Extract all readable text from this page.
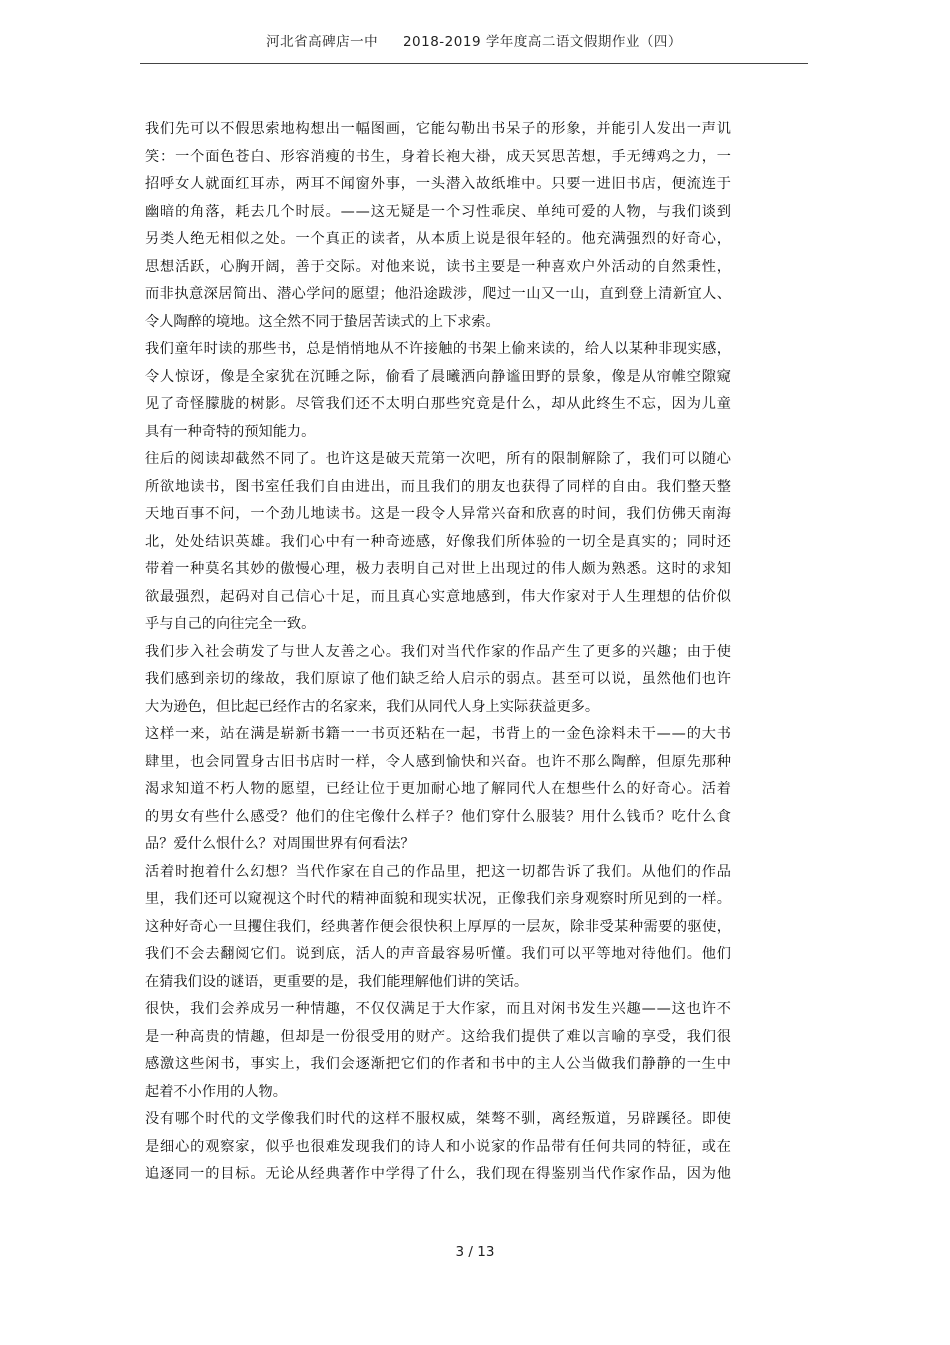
河北省高碑店一中 2018-2019 学年度高二语文假期作业（四）
我们先可以不假思索地构想出一幅图画，它能勾勒出书呆子的形象，并能引人发出一声讥
笑：一个面色苍白、形容消瘦的书生，身着长袍大褂，成天冥思苦想，手无缚鸡之力，一
招呼女人就面红耳赤，两耳不闻窗外事，一头潜入故纸堆中。只要一进旧书店，便流连于
幽暗的角落，耗去几个时辰。——这无疑是一个习性乖戾、单纯可爱的人物，与我们谈到
另类人绝无相似之处。一个真正的读者，从本质上说是很年轻的。他充满强烈的好奇心，
思想活跃，心胸开阔，善于交际。对他来说，读书主要是一种喜欢户外活动的自然秉性，
而非执意深居简出、潜心学问的愿望；他沿途跋涉，爬过一山又一山，直到登上清新宜人、
令人陶醉的境地。这全然不同于蛰居苦读式的上下求索。
我们童年时读的那些书，总是悄悄地从不许接触的书架上偷来读的，给人以某种非现实感，
令人惊讶，像是全家犹在沉睡之际，偷看了晨曦洒向静谧田野的景象，像是从帘帷空隙窥
见了奇怪朦胧的树影。尽管我们还不太明白那些究竟是什么，却从此终生不忘，因为儿童
具有一种奇特的预知能力。
往后的阅读却截然不同了。也许这是破天荒第一次吧，所有的限制解除了，我们可以随心
所欲地读书，图书室任我们自由进出，而且我们的朋友也获得了同样的自由。我们整天整
天地百事不问，一个劲儿地读书。这是一段令人异常兴奋和欣喜的时间，我们仿佛天南海
北，处处结识英雄。我们心中有一种奇迹感，好像我们所体验的一切全是真实的；同时还
带着一种莫名其妙的傲慢心理，极力表明自己对世上出现过的伟人颇为熟悉。这时的求知
欲最强烈，起码对自己信心十足，而且真心实意地感到，伟大作家对于人生理想的估价似
乎与自己的向往完全一致。
我们步入社会萌发了与世人友善之心。我们对当代作家的作品产生了更多的兴趣；由于使
我们感到亲切的缘故，我们原谅了他们缺乏给人启示的弱点。甚至可以说，虽然他们也许
大为逊色，但比起已经作古的名家来，我们从同代人身上实际获益更多。
这样一来，站在满是崭新书籍一一书页还粘在一起，书背上的一金色涂料未干——的大书
肆里，也会同置身古旧书店时一样，令人感到愉快和兴奋。也许不那么陶醉，但原先那种
渴求知道不朽人物的愿望，已经让位于更加耐心地了解同代人在想些什么的好奇心。活着
的男女有些什么感受？他们的住宅像什么样子？他们穿什么服装？用什么钱币？吃什么食
品？爱什么恨什么？对周围世界有何看法？
活着时抱着什么幻想？当代作家在自己的作品里，把这一切都告诉了我们。从他们的作品
里，我们还可以窥视这个时代的精神面貌和现实状况，正像我们亲身观察时所见到的一样。
这种好奇心一旦攫住我们，经典著作便会很快积上厚厚的一层灰，除非受某种需要的驱使，
我们不会去翻阅它们。说到底，活人的声音最容易听懂。我们可以平等地对待他们。他们
在猜我们设的谜语，更重要的是，我们能理解他们讲的笑话。
很快，我们会养成另一种情趣，不仅仅满足于大作家，而且对闲书发生兴趣——这也许不
是一种高贵的情趣，但却是一份很受用的财产。这给我们提供了难以言喻的享受，我们很
感激这些闲书，事实上，我们会逐渐把它们的作者和书中的主人公当做我们静静的一生中
起着不小作用的人物。
没有哪个时代的文学像我们时代的这样不服权威，桀骜不驯，离经叛道，另辟蹊径。即使
是细心的观察家，似乎也很难发现我们的诗人和小说家的作品带有任何共同的特征，或在
追逐同一的目标。无论从经典著作中学得了什么，我们现在得鉴别当代作家作品，因为他
3 / 13
